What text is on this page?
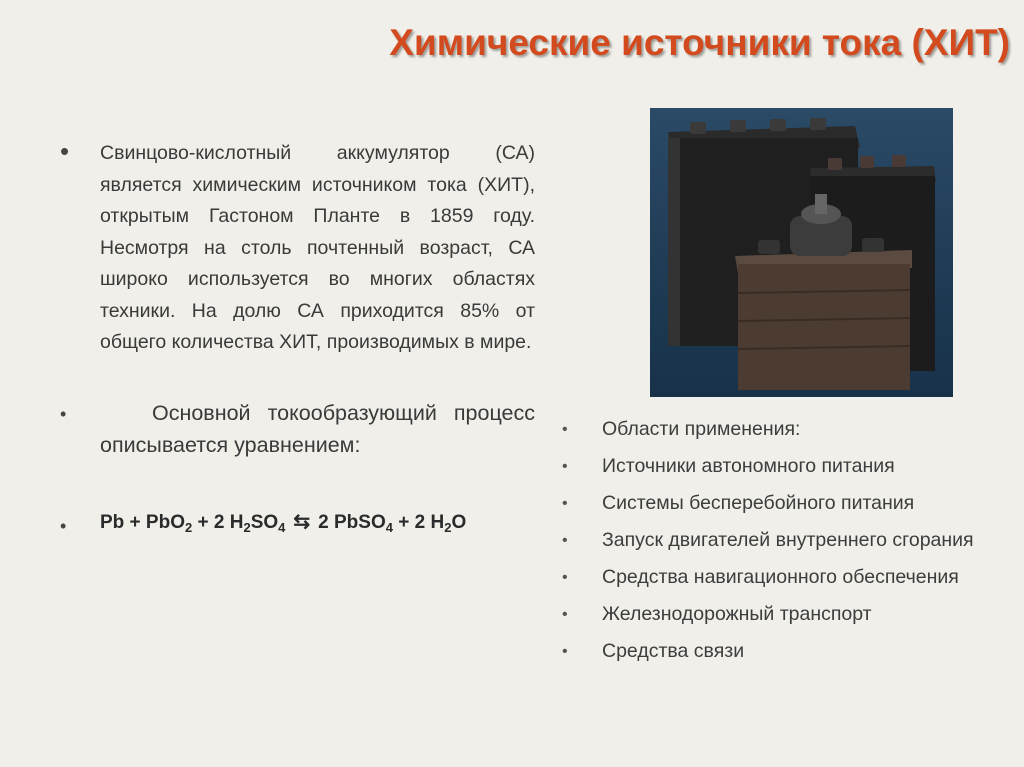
Химические источники тока (ХИТ)
• Свинцово-кислотный аккумулятор (СА) является химическим источником тока (ХИТ), открытым Гастоном Планте в 1859 году. Несмотря на столь почтенный возраст, СА широко используется во многих областях техники. На долю СА приходится 85% от общего количества ХИТ, производимых в мире.
•	Основной токообразующий процесс описывается уравнением:
• Pb + PbO$_2$ + 2 $H_2SO_4$ ⇆ 2 PbSO$_4$ + 2 $H_2O$
• Области применения:
• Источники автономного питания
• Системы бесперебойного питания
• Запуск двигателей внутреннего сгорания
• Средства навигационного обеспечения
• Железнодорожный транспорт
• Средства связи
